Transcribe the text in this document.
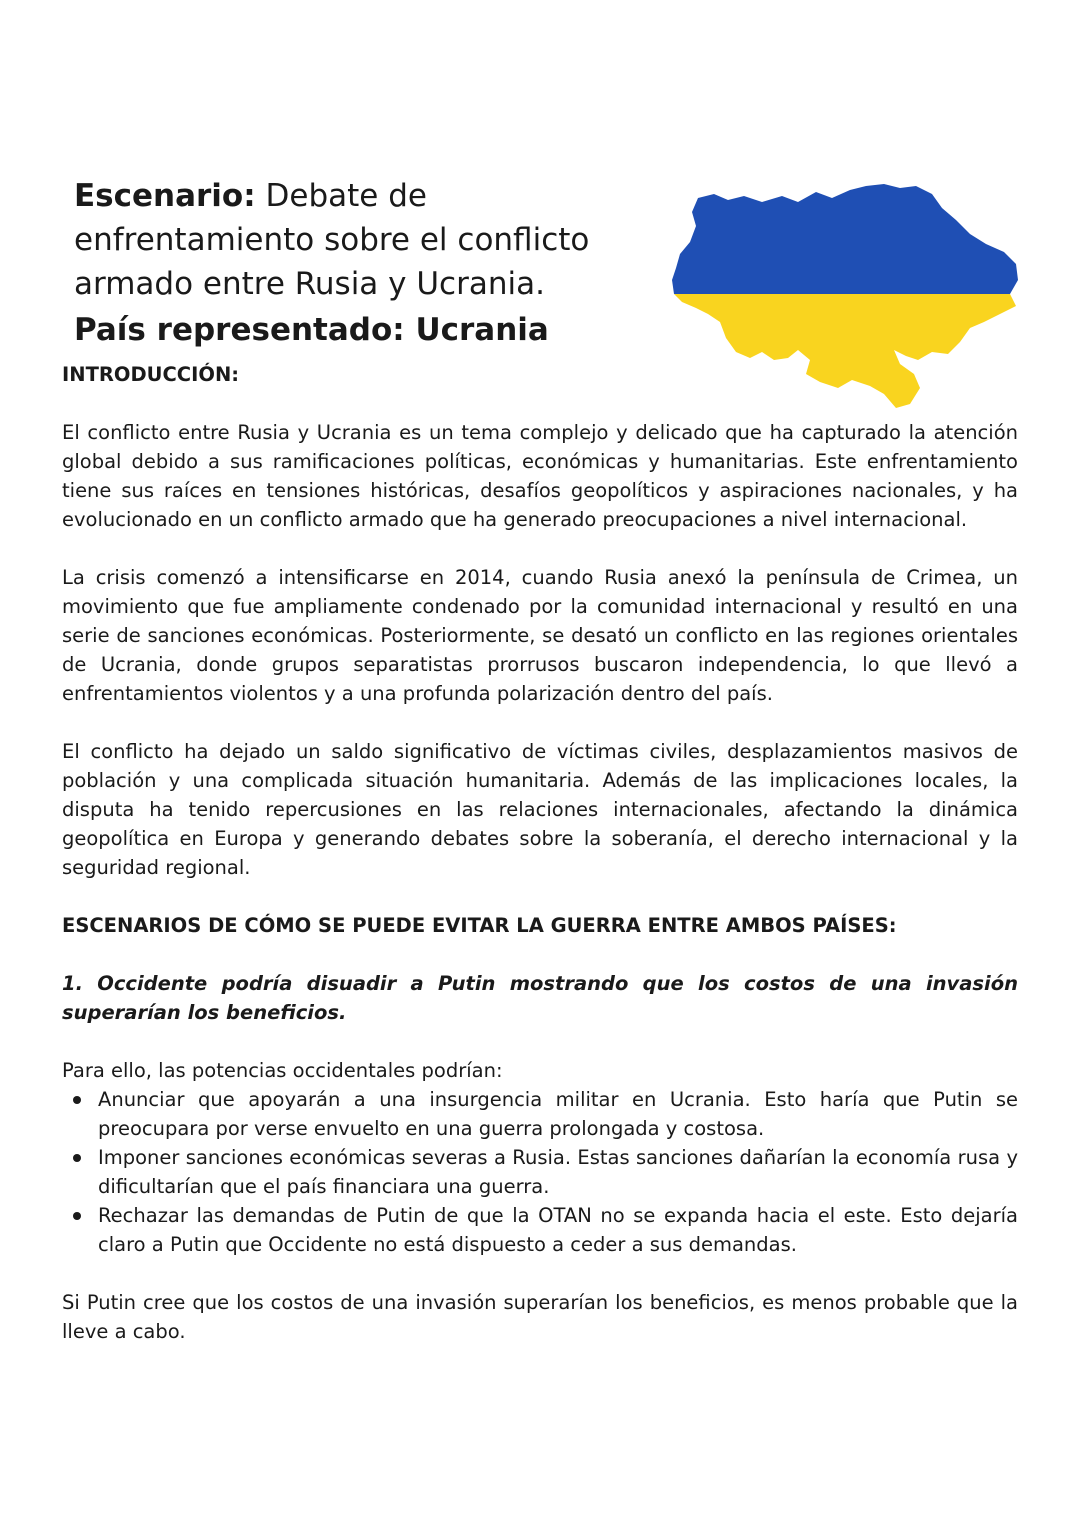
Escenario: Debate de enfrentamiento sobre el conflicto armado entre Rusia y Ucrania.
País representado: Ucrania
INTRODUCCIÓN:

El conflicto entre Rusia y Ucrania es un tema complejo y delicado que ha capturado la atención global debido a sus ramificaciones políticas, económicas y humanitarias. Este enfrentamiento tiene sus raíces en tensiones históricas, desafíos geopolíticos y aspiraciones nacionales, y ha evolucionado en un conflicto armado que ha generado preocupaciones a nivel internacional.

La crisis comenzó a intensificarse en 2014, cuando Rusia anexó la península de Crimea, un movimiento que fue ampliamente condenado por la comunidad internacional y resultó en una serie de sanciones económicas. Posteriormente, se desató un conflicto en las regiones orientales de Ucrania, donde grupos separatistas prorrusos buscaron independencia, lo que llevó a enfrentamientos violentos y a una profunda polarización dentro del país.

El conflicto ha dejado un saldo significativo de víctimas civiles, desplazamientos masivos de población y una complicada situación humanitaria. Además de las implicaciones locales, la disputa ha tenido repercusiones en las relaciones internacionales, afectando la dinámica geopolítica en Europa y generando debates sobre la soberanía, el derecho internacional y la seguridad regional.

ESCENARIOS DE CÓMO SE PUEDE EVITAR LA GUERRA ENTRE AMBOS PAÍSES:
1. Occidente podría disuadir a Putin mostrando que los costos de una invasión superarían los beneficios.

Para ello, las potencias occidentales podrían:

Anunciar que apoyarán a una insurgencia militar en Ucrania. Esto haría que Putin se preocupara por verse envuelto en una guerra prolongada y costosa.
Imponer sanciones económicas severas a Rusia. Estas sanciones dañarían la economía rusa y dificultarían que el país financiara una guerra.
Rechazar las demandas de Putin de que la OTAN no se expanda hacia el este. Esto dejaría claro a Putin que Occidente no está dispuesto a ceder a sus demandas.

Si Putin cree que los costos de una invasión superarían los beneficios, es menos probable que la lleve a cabo.
